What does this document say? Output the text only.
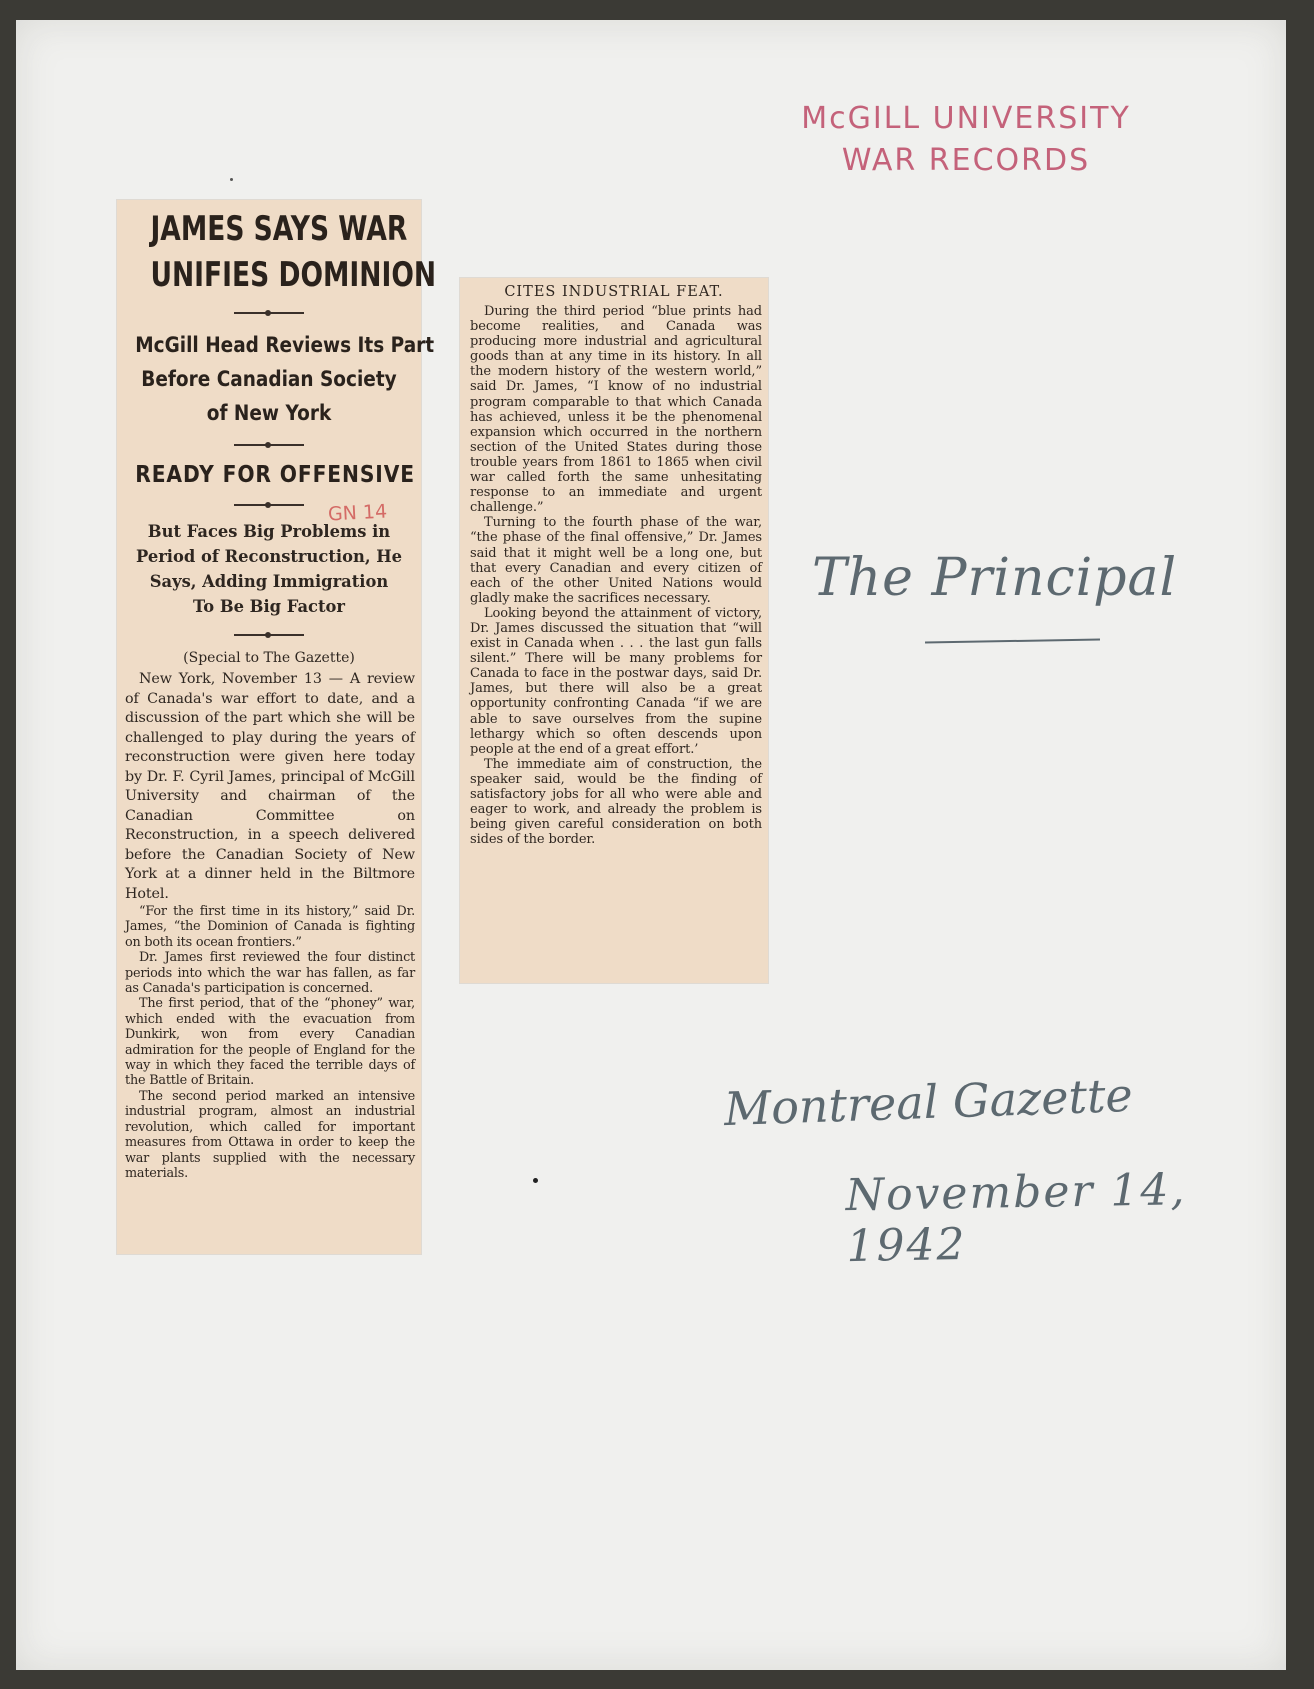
McGILL UNIVERSITY
WAR RECORDS
JAMES SAYS WAR
UNIFIES DOMINION
McGill Head Reviews Its Part
Before Canadian Society
of New York
READY FOR OFFENSIVE
But Faces Big Problems in
Period of Reconstruction, He
Says, Adding Immigration
To Be Big Factor
(Special to The Gazette)

New York, November 13 — A review of Canada's war effort to date, and a discussion of the part which she will be challenged to play during the years of reconstruction were given here today by Dr. F. Cyril James, principal of McGill University and chairman of the Canadian Committee on Reconstruction, in a speech delivered before the Canadian Society of New York at a dinner held in the Biltmore Hotel.

“For the first time in its history,” said Dr. James, “the Dominion of Canada is fighting on both its ocean frontiers.”

Dr. James first reviewed the four distinct periods into which the war has fallen, as far as Canada's participation is concerned.

The first period, that of the “phoney” war, which ended with the evacuation from Dunkirk, won from every Canadian admiration for the people of England for the way in which they faced the terrible days of the Battle of Britain.

The second period marked an intensive industrial program, almost an industrial revolution, which called for important measures from Ottawa in order to keep the war plants supplied with the necessary materials.

GN 14
CITES INDUSTRIAL FEAT.

During the third period “blue prints had become realities, and Canada was producing more industrial and agricultural goods than at any time in its history. In all the modern history of the western world,” said Dr. James, “I know of no industrial program comparable to that which Canada has achieved, unless it be the phenomenal expansion which occurred in the northern section of the United States during those trouble years from 1861 to 1865 when civil war called forth the same unhesitating response to an immediate and urgent challenge.”

Turning to the fourth phase of the war, “the phase of the final offensive,” Dr. James said that it might well be a long one, but that every Canadian and every citizen of each of the other United Nations would gladly make the sacrifices necessary.

Looking beyond the attainment of victory, Dr. James discussed the situation that “will exist in Canada when . . . the last gun falls silent.” There will be many problems for Canada to face in the postwar days, said Dr. James, but there will also be a great opportunity confronting Canada “if we are able to save ourselves from the supine lethargy which so often descends upon people at the end of a great effort.’

The immediate aim of construction, the speaker said, would be the finding of satisfactory jobs for all who were able and eager to work, and already the problem is being given careful consideration on both sides of the border.

The Principal
Montreal Gazette
November 14, 1942
